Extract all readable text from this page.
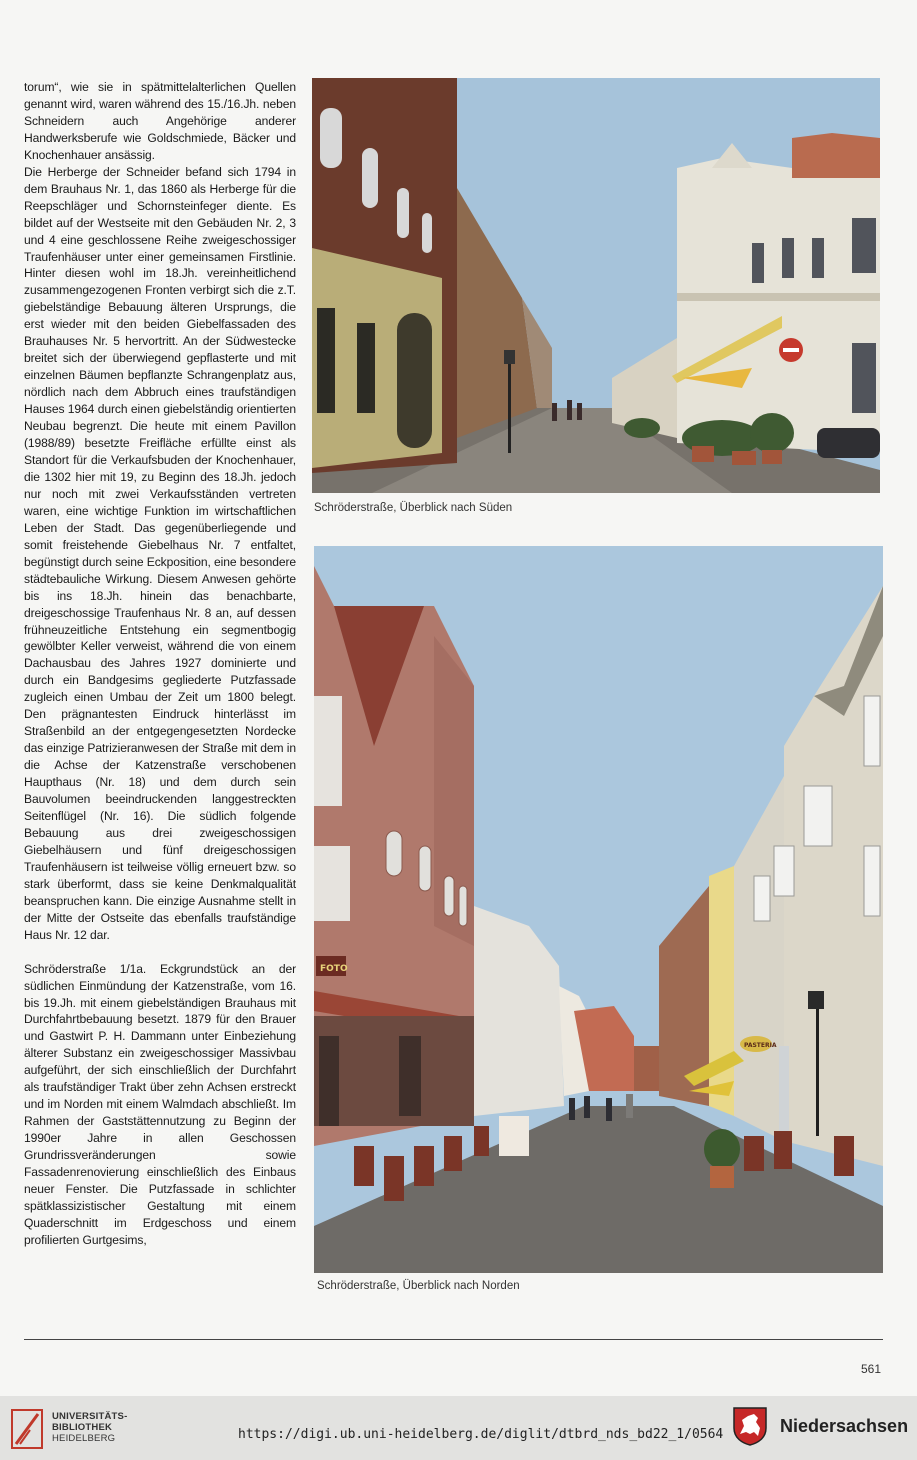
torum“, wie sie in spätmittelalterlichen Quellen genannt wird, waren während des 15./16.Jh. neben Schneidern auch Angehörige anderer Handwerksberufe wie Goldschmiede, Bäcker und Knochenhauer ansässig.

Die Herberge der Schneider befand sich 1794 in dem Brauhaus Nr. 1, das 1860 als Herberge für die Reepschläger und Schornsteinfeger diente. Es bildet auf der Westseite mit den Gebäuden Nr. 2, 3 und 4 eine geschlossene Reihe zweigeschossiger Traufenhäuser unter einer gemeinsamen Firstlinie. Hinter diesen wohl im 18.Jh. vereinheitlichend zusammengezogenen Fronten verbirgt sich die z.T. giebelständige Bebauung älteren Ursprungs, die erst wieder mit den beiden Giebelfassaden des Brauhauses Nr. 5 hervortritt. An der Südwestecke breitet sich der überwiegend gepflasterte und mit einzelnen Bäumen bepflanzte Schrangenplatz aus, nördlich nach dem Abbruch eines traufständigen Hauses 1964 durch einen giebelständig orientierten Neubau begrenzt. Die heute mit einem Pavillon (1988/89) besetzte Freifläche erfüllte einst als Standort für die Verkaufsbuden der Knochenhauer, die 1302 hier mit 19, zu Beginn des 18.Jh. jedoch nur noch mit zwei Verkaufsständen vertreten waren, eine wichtige Funktion im wirtschaftlichen Leben der Stadt. Das gegenüberliegende und somit freistehende Giebelhaus Nr. 7 entfaltet, begünstigt durch seine Eckposition, eine besondere städtebauliche Wirkung. Diesem Anwesen gehörte bis ins 18.Jh. hinein das benachbarte, dreigeschossige Traufenhaus Nr. 8 an, auf dessen frühneuzeitliche Entstehung ein segmentbogig gewölbter Keller verweist, während die von einem Dachausbau des Jahres 1927 dominierte und durch ein Bandgesims gegliederte Putzfassade zugleich einen Umbau der Zeit um 1800 belegt. Den prägnantesten Eindruck hinterlässt im Straßenbild an der entgegengesetzten Nordecke das einzige Patrizieranwesen der Straße mit dem in die Achse der Katzenstraße verschobenen Haupthaus (Nr. 18) und dem durch sein Bauvolumen beeindruckenden langgestreckten Seitenflügel (Nr. 16). Die südlich folgende Bebauung aus drei zweigeschossigen Giebelhäusern und fünf dreigeschossigen Traufenhäusern ist teilweise völlig erneuert bzw. so stark überformt, dass sie keine Denkmalqualität beanspruchen kann. Die einzige Ausnahme stellt in der Mitte der Ostseite das ebenfalls traufständige Haus Nr. 12 dar.

Schröderstraße 1/1a. Eckgrundstück an der südlichen Einmündung der Katzenstraße, vom 16. bis 19.Jh. mit einem giebelständigen Brauhaus mit Durchfahrtbebauung besetzt. 1879 für den Brauer und Gastwirt P. H. Dammann unter Einbeziehung älterer Substanz ein zweigeschossiger Massivbau aufgeführt, der sich einschließlich der Durchfahrt als traufständiger Trakt über zehn Achsen erstreckt und im Norden mit einem Walmdach abschließt. Im Rahmen der Gaststättennutzung zu Beginn der 1990er Jahre in allen Geschossen Grundrissveränderungen sowie Fassadenrenovierung einschließlich des Einbaus neuer Fenster. Die Putzfassade in schlichter spätklassizistischer Gestaltung mit einem Quaderschnitt im Erdgeschoss und einem profilierten Gurtgesims,

Schröderstraße, Überblick nach Süden
FOTO
PASTERIA
Schröderstraße, Überblick nach Norden
561
UNIVERSITÄTS-
BIBLIOTHEK
HEIDELBERG	https://digi.ub.uni-heidelberg.de/diglit/dtbrd_nds_bd22_1/0564	Niedersachsen
